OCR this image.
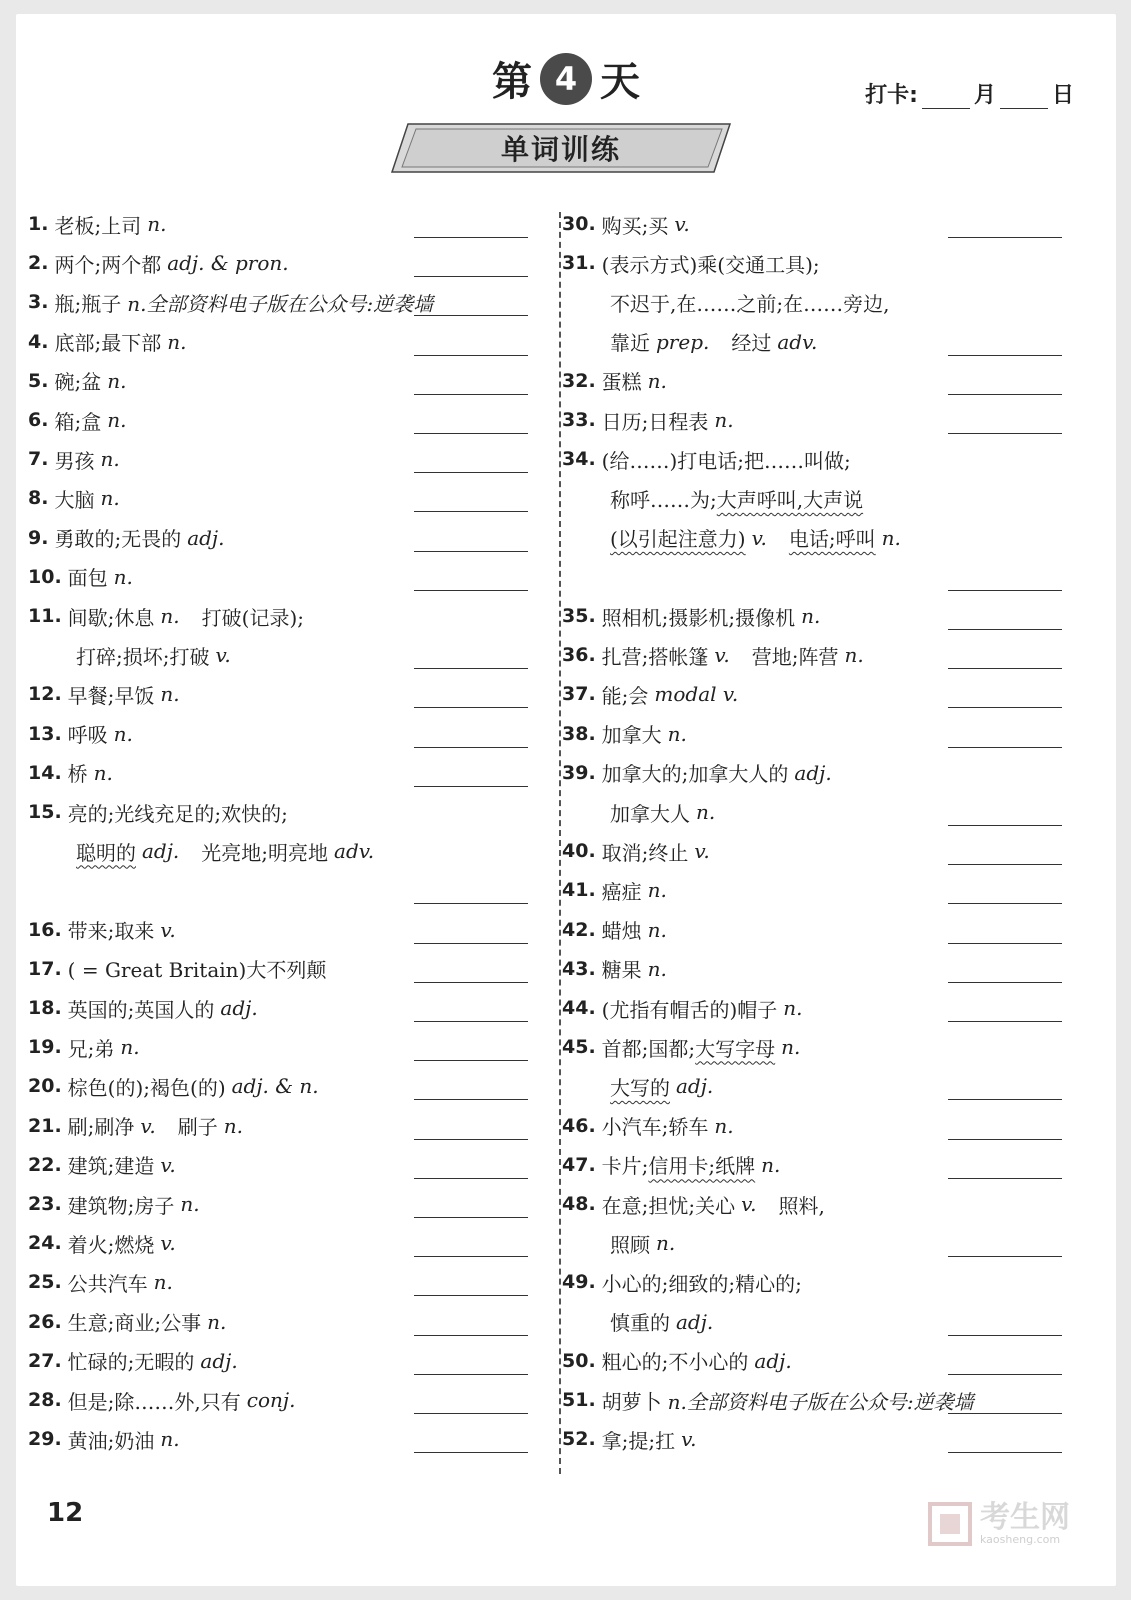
第 4 天	打卡:	月	日
单词训练
1. 老板;上司 n.
2. 两个;两个都 adj. & pron.
3. 瓶;瓶子 n.全部资料电子版在公众号:逆袭墙
4. 底部;最下部 n.
5. 碗;盆 n.
6. 箱;盒 n.
7. 男孩 n.
8. 大脑 n.
9. 勇敢的;无畏的 adj.
10. 面包 n.
11. 间歇;休息 n. 打破(记录);
打碎;损坏;打破 v.
12. 早餐;早饭 n.
13. 呼吸 n.
14. 桥 n.
15. 亮的;光线充足的;欢快的;
聪明的 adj. 光亮地;明亮地 adv.
16. 带来;取来 v.
17. ( = Great Britain)大不列颠
18. 英国的;英国人的 adj.
19. 兄;弟 n.
20. 棕色(的);褐色(的) adj. & n.
21. 刷;刷净 v. 刷子 n.
22. 建筑;建造 v.
23. 建筑物;房子 n.
24. 着火;燃烧 v.
25. 公共汽车 n.
26. 生意;商业;公事 n.
27. 忙碌的;无暇的 adj.
28. 但是;除……外,只有 conj.
29. 黄油;奶油 n.
30. 购买;买 v.
31. (表示方式)乘(交通工具);
不迟于,在……之前;在……旁边,
靠近 prep. 经过 adv.
32. 蛋糕 n.
33. 日历;日程表 n.
34. (给……)打电话;把……叫做;
称呼……为; 大声呼叫,大声说
(以引起注意力) v. 电话;呼叫 n.
35. 照相机;摄影机;摄像机 n.
36. 扎营;搭帐篷 v. 营地;阵营 n.
37. 能;会 modal v.
38. 加拿大 n.
39. 加拿大的;加拿大人的 adj.
加拿大人 n.
40. 取消;终止 v.
41. 癌症 n.
42. 蜡烛 n.
43. 糖果 n.
44. (尤指有帽舌的)帽子 n.
45. 首都;国都; 大写字母 n.
大写的 adj.
46. 小汽车;轿车 n.
47. 卡片; 信用卡;纸牌 n.
48. 在意;担忧;关心 v. 照料,
照顾 n.
49. 小心的;细致的;精心的;
慎重的 adj.
50. 粗心的;不小心的 adj.
51. 胡萝卜 n.全部资料电子版在公众号:逆袭墙
52. 拿;提;扛 v.
12	考生网
kaosheng.com
